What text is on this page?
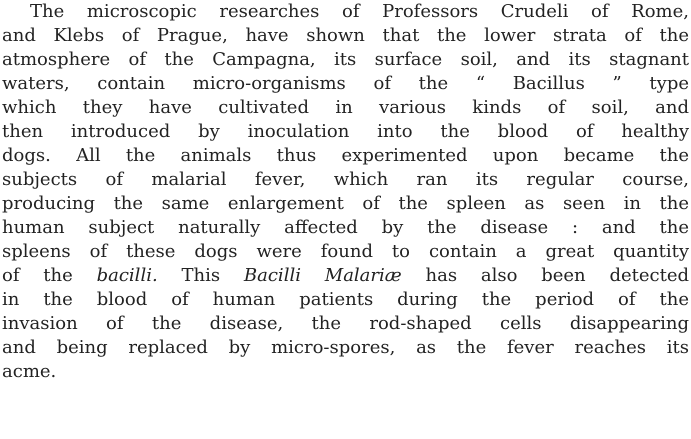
The microscopic researches of Professors Crudeli of Rome,
and Klebs of Prague, have shown that the lower strata of the
atmosphere of the Campagna, its surface soil, and its stagnant
waters, contain micro-organisms of the “ Bacillus ” type
which they have cultivated in various kinds of soil, and
then introduced by inoculation into the blood of healthy
dogs. All the animals thus experimented upon became the
subjects of malarial fever, which ran its regular course,
producing the same enlargement of the spleen as seen in the
human subject naturally affected by the disease : and the
spleens of these dogs were found to contain a great quantity
of the bacilli. This Bacilli Malariæ has also been detected
in the blood of human patients during the period of the
invasion of the disease, the rod-shaped cells disappearing
and being replaced by micro-spores, as the fever reaches its
acme.
